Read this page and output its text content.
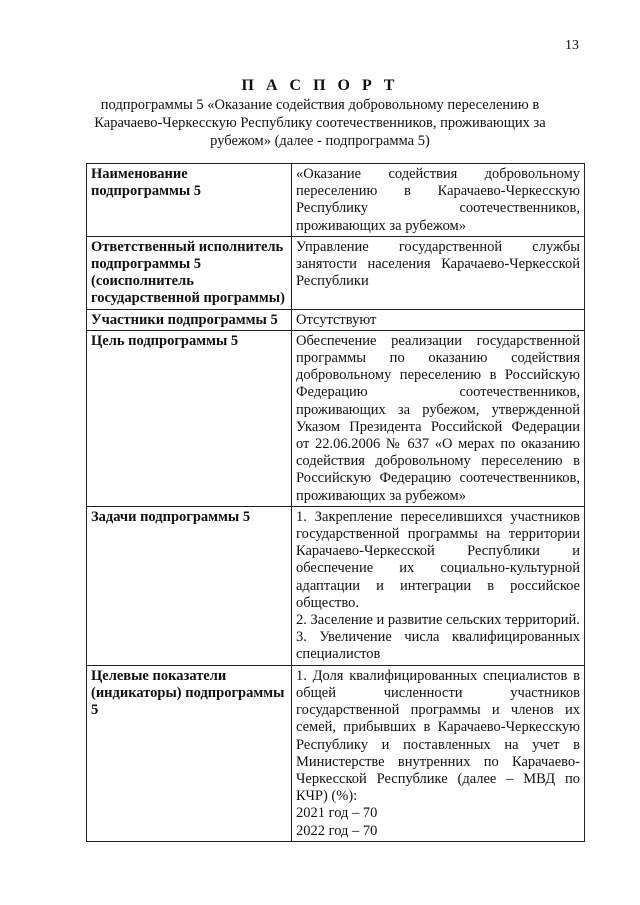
13
П А С П О Р Т
подпрограммы 5 «Оказание содействия добровольному переселению в Карачаево-Черкесскую Республику соотечественников, проживающих за рубежом» (далее - подпрограмма 5)
Наименование подпрограммы 5	«Оказание содействия добровольному переселению в Карачаево-Черкесскую Республику соотечественников, проживающих за рубежом»

Ответственный исполнитель подпрограммы 5 (соисполнитель государственной программы)	Управление государственной службы занятости населения Карачаево-Черкесской Республики

Участники подпрограммы 5	Отсутствуют

Цель подпрограммы 5	Обеспечение реализации государственной программы по оказанию содействия добровольному переселению в Российскую Федерацию соотечественников, проживающих за рубежом, утвержденной Указом Президента Российской Федерации от 22.06.2006 № 637 «О мерах по оказанию содействия добровольному переселению в Российскую Федерацию соотечественников, проживающих за рубежом»

Задачи подпрограммы 5	1. Закрепление переселившихся участников государственной программы на территории Карачаево-Черкесской Республики и обеспечение их социально-культурной адаптации и интеграции в российское общество.

2. Заселение и развитие сельских территорий.

3. Увеличение числа квалифицированных специалистов

Целевые показатели (индикаторы) подпрограммы 5	1. Доля квалифицированных специалистов в общей численности участников государственной программы и членов их семей, прибывших в Карачаево-Черкесскую Республику и поставленных на учет в Министерстве внутренних по Карачаево-Черкесской Республике (далее – МВД по КЧР) (%):

2021 год – 70

2022 год – 70
